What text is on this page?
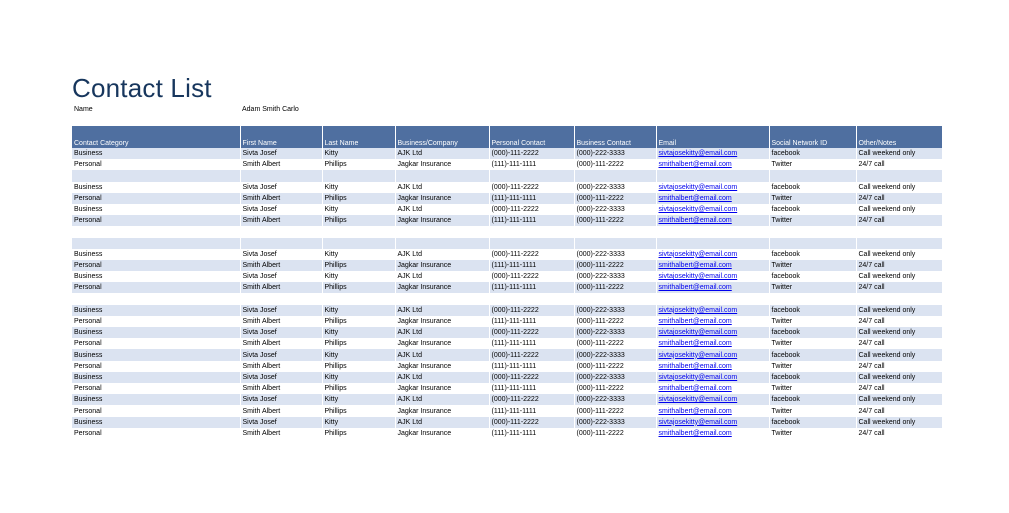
Contact List
Name	Adam Smith Carlo
Contact Category	First Name	Last Name	Business/Company	Personal Contact	Business Contact	Email	Social Network ID	Other/Notes
Business	Sivta Josef	Kitty	AJK Ltd	(000)-111-2222	(000)-222-3333	sivtajosekitty@email.com	facebook	Call weekend only
Personal	Smith Albert	Phillips	Jagkar Insurance	(111)-111-1111	(000)-111-2222	smithalbert@email.com	Twitter	24/7 call

Business	Sivta Josef	Kitty	AJK Ltd	(000)-111-2222	(000)-222-3333	sivtajosekitty@email.com	facebook	Call weekend only
Personal	Smith Albert	Phillips	Jagkar Insurance	(111)-111-1111	(000)-111-2222	smithalbert@email.com	Twitter	24/7 call
Business	Sivta Josef	Kitty	AJK Ltd	(000)-111-2222	(000)-222-3333	sivtajosekitty@email.com	facebook	Call weekend only
Personal	Smith Albert	Phillips	Jagkar Insurance	(111)-111-1111	(000)-111-2222	smithalbert@email.com	Twitter	24/7 call

Business	Sivta Josef	Kitty	AJK Ltd	(000)-111-2222	(000)-222-3333	sivtajosekitty@email.com	facebook	Call weekend only
Personal	Smith Albert	Phillips	Jagkar Insurance	(111)-111-1111	(000)-111-2222	smithalbert@email.com	Twitter	24/7 call
Business	Sivta Josef	Kitty	AJK Ltd	(000)-111-2222	(000)-222-3333	sivtajosekitty@email.com	facebook	Call weekend only
Personal	Smith Albert	Phillips	Jagkar Insurance	(111)-111-1111	(000)-111-2222	smithalbert@email.com	Twitter	24/7 call

Business	Sivta Josef	Kitty	AJK Ltd	(000)-111-2222	(000)-222-3333	sivtajosekitty@email.com	facebook	Call weekend only
Personal	Smith Albert	Phillips	Jagkar Insurance	(111)-111-1111	(000)-111-2222	smithalbert@email.com	Twitter	24/7 call
Business	Sivta Josef	Kitty	AJK Ltd	(000)-111-2222	(000)-222-3333	sivtajosekitty@email.com	facebook	Call weekend only
Personal	Smith Albert	Phillips	Jagkar Insurance	(111)-111-1111	(000)-111-2222	smithalbert@email.com	Twitter	24/7 call
Business	Sivta Josef	Kitty	AJK Ltd	(000)-111-2222	(000)-222-3333	sivtajosekitty@email.com	facebook	Call weekend only
Personal	Smith Albert	Phillips	Jagkar Insurance	(111)-111-1111	(000)-111-2222	smithalbert@email.com	Twitter	24/7 call
Business	Sivta Josef	Kitty	AJK Ltd	(000)-111-2222	(000)-222-3333	sivtajosekitty@email.com	facebook	Call weekend only
Personal	Smith Albert	Phillips	Jagkar Insurance	(111)-111-1111	(000)-111-2222	smithalbert@email.com	Twitter	24/7 call
Business	Sivta Josef	Kitty	AJK Ltd	(000)-111-2222	(000)-222-3333	sivtajosekitty@email.com	facebook	Call weekend only
Personal	Smith Albert	Phillips	Jagkar Insurance	(111)-111-1111	(000)-111-2222	smithalbert@email.com	Twitter	24/7 call
Business	Sivta Josef	Kitty	AJK Ltd	(000)-111-2222	(000)-222-3333	sivtajosekitty@email.com	facebook	Call weekend only
Personal	Smith Albert	Phillips	Jagkar Insurance	(111)-111-1111	(000)-111-2222	smithalbert@email.com	Twitter	24/7 call
